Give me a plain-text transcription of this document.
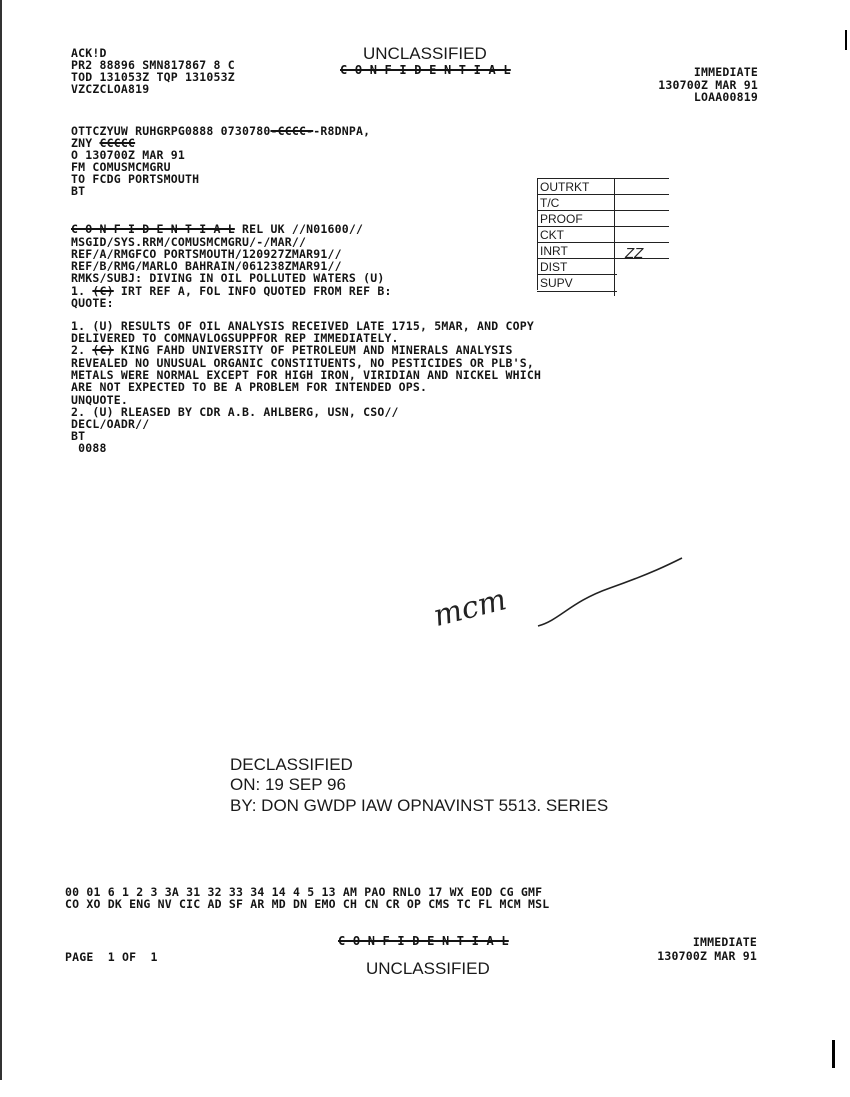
UNCLASSIFIED
C O N F I D E N T I A L
ACK!D
PR2 88896 SMN817867 8 C
TOD 131053Z TQP 131053Z
VZCZCLOA819
IMMEDIATE
130700Z MAR 91
LOAA00819
OTTCZYUW RUHGRPG0888 0730780-CCCC--R8DNPA,
ZNY CCCCC
O 130700Z MAR 91
FM COMUSMCMGRU
TO FCDG PORTSMOUTH
BT	OUTRKT
T/C
PROOF
CKT
INRT
DIST
SUPV
ZZ
C O N F I D E N T I A L REL UK //N01600//
MSGID/SYS.RRM/COMUSMCMGRU/-/MAR//
REF/A/RMGFCO PORTSMOUTH/120927ZMAR91//
REF/B/RMG/MARLO BAHRAIN/061238ZMAR91//
RMKS/SUBJ: DIVING IN OIL POLLUTED WATERS (U)
1. (C) IRT REF A, FOL INFO QUOTED FROM REF B:
QUOTE:
1. (U) RESULTS OF OIL ANALYSIS RECEIVED LATE 1715, 5MAR, AND COPY
DELIVERED TO COMNAVLOGSUPPFOR REP IMMEDIATELY.
2. (C) KING FAHD UNIVERSITY OF PETROLEUM AND MINERALS ANALYSIS
REVEALED NO UNUSUAL ORGANIC CONSTITUENTS, NO PESTICIDES OR PLB'S,
METALS WERE NORMAL EXCEPT FOR HIGH IRON, VIRIDIAN AND NICKEL WHICH
ARE NOT EXPECTED TO BE A PROBLEM FOR INTENDED OPS.
UNQUOTE.
2. (U) RLEASED BY CDR A.B. AHLBERG, USN, CSO//
DECL/OADR//
BT
0088
mcm
DECLASSIFIED
ON: 19 SEP 96
BY: DON GWDP IAW OPNAVINST 5513. SERIES
00 01 6 1 2 3 3A 31 32 33 34 14 4 5 13 AM PAO RNLO 17 WX EOD CG GMF
CO XO DK ENG NV CIC AD SF AR MD DN EMO CH CN CR OP CMS TC FL MCM MSL
C O N F I D E N T I A L
PAGE  1 OF  1
UNCLASSIFIED
IMMEDIATE
130700Z MAR 91
